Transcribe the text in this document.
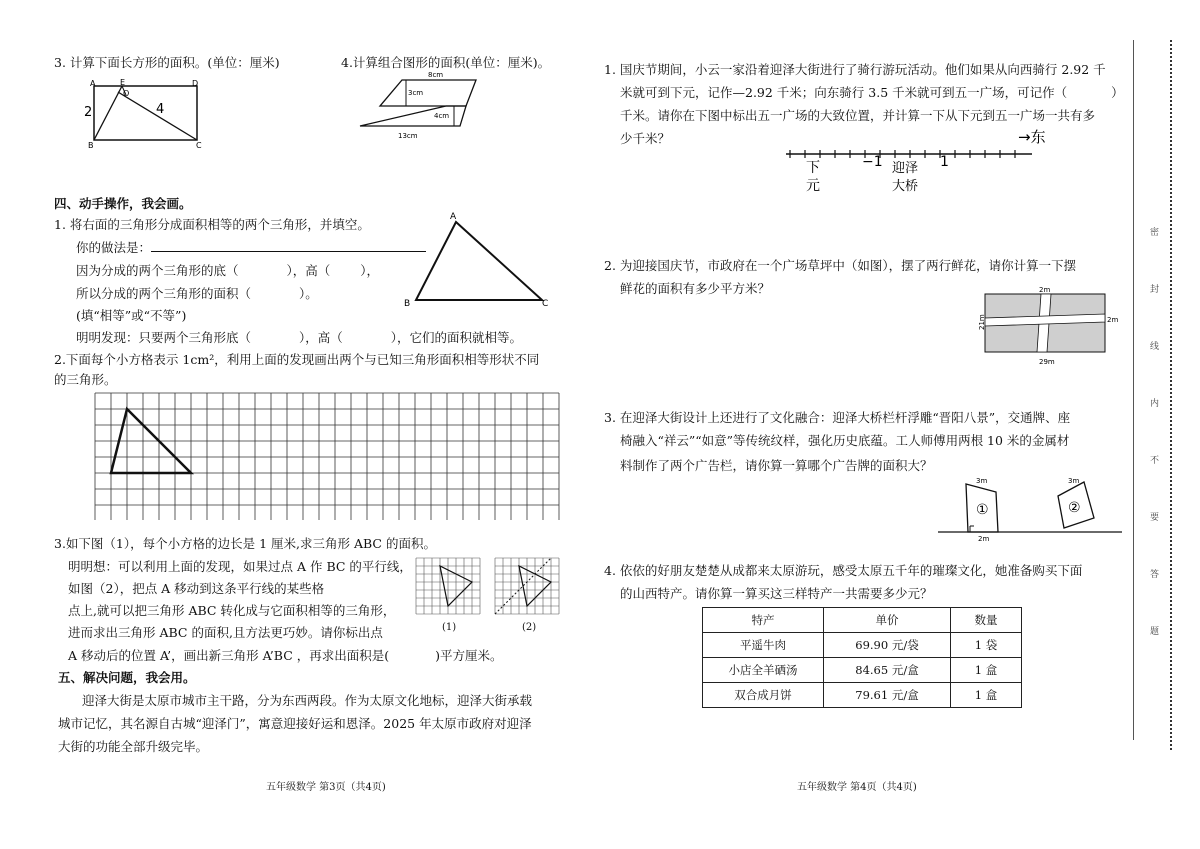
3. 计算下面长方形的面积。(单位：厘米)	4.计算组合图形的面积(单位：厘米)。
A	E	D
B	C
O
2	4
8cm
3cm
4cm
13cm
四、动手操作，我会画。
1. 将右面的三角形分成面积相等的两个三角形，并填空。
你的做法是：
因为分成的两个三角形的底（	），高（ ），
所以分成的两个三角形的面积（	）。
(填“相等”或“不等”)
明明发现：只要两个三角形底（	），高（	），它们的面积就相等。
A
B	C
2.下面每个小方格表示 1cm²，利用上面的发现画出两个与已知三角形面积相等形状不同
的三角形。
3.如下图（1），每个小方格的边长是 1 厘米,求三角形 ABC 的面积。
明明想：可以利用上面的发现，如果过点 A 作 BC 的平行线，
如图（2），把点 A 移动到这条平行线的某些格
点上,就可以把三角形 ABC 转化成与它面积相等的三角形，
进而求出三角形 ABC 的面积,且方法更巧妙。请你标出点
A 移动后的位置 A’，画出新三角形 A’BC ，再求出面积是(	)平方厘米。
(1)	(2)
五、解决问题，我会用。
迎泽大街是太原市城市主干路，分为东西两段。作为太原文化地标，迎泽大街承载
城市记忆，其名源自古城“迎泽门”，寓意迎接好运和恩泽。2025 年太原市政府对迎泽
大街的功能全部升级完毕。
五年级数学 第3页（共4页)
1. 国庆节期间，小云一家沿着迎泽大街进行了骑行游玩活动。他们如果从向西骑行 2.92 千
米就可到下元，记作—2.92 千米；向东骑行 3.5 千米就可到五一广场，可记作（	）
千米。请你在下图中标出五一广场的大致位置，并计算一下从下元到五一广场一共有多
少千米？	→东
−1	1
下
元
迎泽
大桥
2. 为迎接国庆节，市政府在一个广场草坪中（如图），摆了两行鲜花，请你计算一下摆
鲜花的面积有多少平方米？	2m
21m	2m
29m
3. 在迎泽大街设计上还进行了文化融合：迎泽大桥栏杆浮雕“晋阳八景”，交通牌、座
椅融入“祥云”“如意”等传统纹样，强化历史底蕴。工人师傅用两根 10 米的金属材
料制作了两个广告栏，请你算一算哪个广告牌的面积大？
3m	3m
2m
①	②
4. 依依的好朋友楚楚从成都来太原游玩，感受太原五千年的璀璨文化，她准备购买下面
的山西特产。请你算一算买这三样特产一共需要多少元？
特产	单价	数量
平遥牛肉	69.90 元/袋	1 袋
小店全羊硒汤	84.65 元/盒	1 盒
双合成月饼	79.61 元/盒	1 盒
五年级数学 第4页（共4页)
密
封
线
内
不
要
答
题
